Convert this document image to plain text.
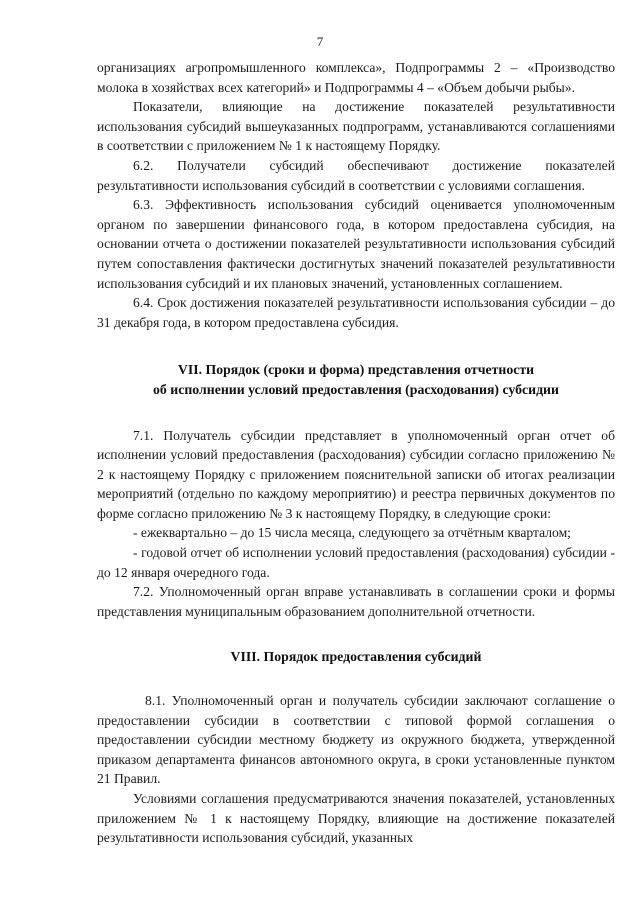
7

организациях агропромышленного комплекса», Подпрограммы 2 – «Производство молока в хозяйствах всех категорий» и Подпрограммы 4 – «Объем добычи рыбы».

Показатели, влияющие на достижение показателей результативности использования субсидий вышеуказанных подпрограмм, устанавливаются соглашениями в соответствии с приложением № 1 к настоящему Порядку.

6.2. Получатели субсидий обеспечивают достижение показателей результативности использования субсидий в соответствии с условиями соглашения.

6.3. Эффективность использования субсидий оценивается уполномоченным органом по завершении финансового года, в котором предоставлена субсидия, на основании отчета о достижении показателей результативности использования субсидий путем сопоставления фактически достигнутых значений показателей результативности использования субсидий и их плановых значений, установленных соглашением.

6.4. Срок достижения показателей результативности использования субсидии – до 31 декабря года, в котором предоставлена субсидия.

VII. Порядок (сроки и форма) представления отчетности
об исполнении условий предоставления (расходования) субсидии

7.1. Получатель субсидии представляет в уполномоченный орган отчет об исполнении условий предоставления (расходования) субсидии согласно приложению № 2 к настоящему Порядку с приложением пояснительной записки об итогах реализации мероприятий (отдельно по каждому мероприятию) и реестра первичных документов по форме согласно приложению № 3 к настоящему Порядку, в следующие сроки:

- ежеквартально – до 15 числа месяца, следующего за отчётным кварталом;

- годовой отчет об исполнении условий предоставления (расходования) субсидии - до 12 января очередного года.

7.2. Уполномоченный орган вправе устанавливать в соглашении сроки и формы представления муниципальным образованием дополнительной отчетности.

VIII. Порядок предоставления субсидий

8.1. Уполномоченный орган и получатель субсидии заключают соглашение о предоставлении субсидии в соответствии с типовой формой соглашения о предоставлении субсидии местному бюджету из окружного бюджета, утвержденной приказом департамента финансов автономного округа, в сроки установленные пунктом 21 Правил.

Условиями соглашения предусматриваются значения показателей, установленных приложением № 1 к настоящему Порядку, влияющие на достижение показателей результативности использования субсидий, указанных
